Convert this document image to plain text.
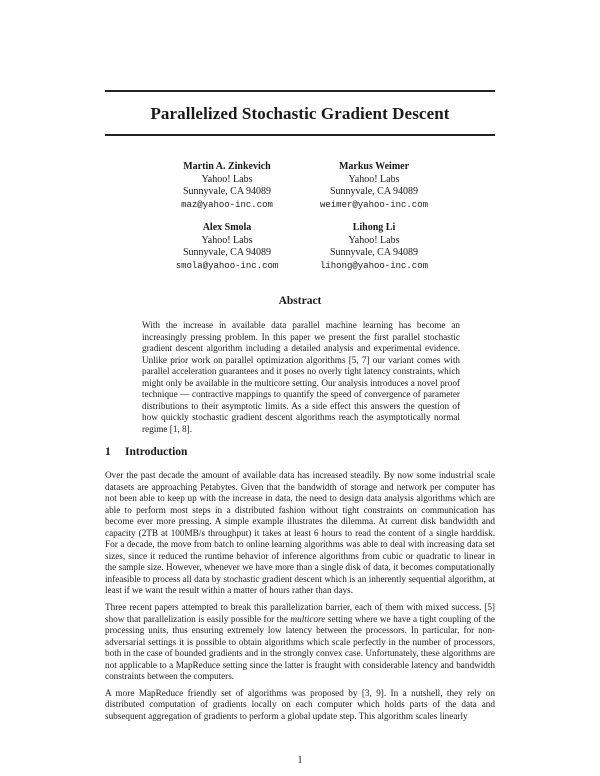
Parallelized Stochastic Gradient Descent
Martin A. Zinkevich
Yahoo! Labs
Sunnyvale, CA 94089
maz@yahoo-inc.com
Markus Weimer
Yahoo! Labs
Sunnyvale, CA 94089
weimer@yahoo-inc.com
Alex Smola
Yahoo! Labs
Sunnyvale, CA 94089
smola@yahoo-inc.com
Lihong Li
Yahoo! Labs
Sunnyvale, CA 94089
lihong@yahoo-inc.com
Abstract
With the increase in available data parallel machine learning has become an increasingly pressing problem. In this paper we present the first parallel stochastic gradient descent algorithm including a detailed analysis and experimental evidence. Unlike prior work on parallel optimization algorithms [5, 7] our variant comes with parallel acceleration guarantees and it poses no overly tight latency constraints, which might only be available in the multicore setting. Our analysis introduces a novel proof technique — contractive mappings to quantify the speed of convergence of parameter distributions to their asymptotic limits. As a side effect this answers the question of how quickly stochastic gradient descent algorithms reach the asymptotically normal regime [1, 8].
1 Introduction

Over the past decade the amount of available data has increased steadily. By now some industrial scale datasets are approaching Petabytes. Given that the bandwidth of storage and network per computer has not been able to keep up with the increase in data, the need to design data analysis algorithms which are able to perform most steps in a distributed fashion without tight constraints on communication has become ever more pressing. A simple example illustrates the dilemma. At current disk bandwidth and capacity (2TB at 100MB/s throughput) it takes at least 6 hours to read the content of a single harddisk. For a decade, the move from batch to online learning algorithms was able to deal with increasing data set sizes, since it reduced the runtime behavior of inference algorithms from cubic or quadratic to linear in the sample size. However, whenever we have more than a single disk of data, it becomes computationally infeasible to process all data by stochastic gradient descent which is an inherently sequential algorithm, at least if we want the result within a matter of hours rather than days.

Three recent papers attempted to break this parallelization barrier, each of them with mixed success. [5] show that parallelization is easily possible for the multicore setting where we have a tight coupling of the processing units, thus ensuring extremely low latency between the processors. In particular, for non-adversarial settings it is possible to obtain algorithms which scale perfectly in the number of processors, both in the case of bounded gradients and in the strongly convex case. Unfortunately, these algorithms are not applicable to a MapReduce setting since the latter is fraught with considerable latency and bandwidth constraints between the computers.

A more MapReduce friendly set of algorithms was proposed by [3, 9]. In a nutshell, they rely on distributed computation of gradients locally on each computer which holds parts of the data and subsequent aggregation of gradients to perform a global update step. This algorithm scales linearly

1
